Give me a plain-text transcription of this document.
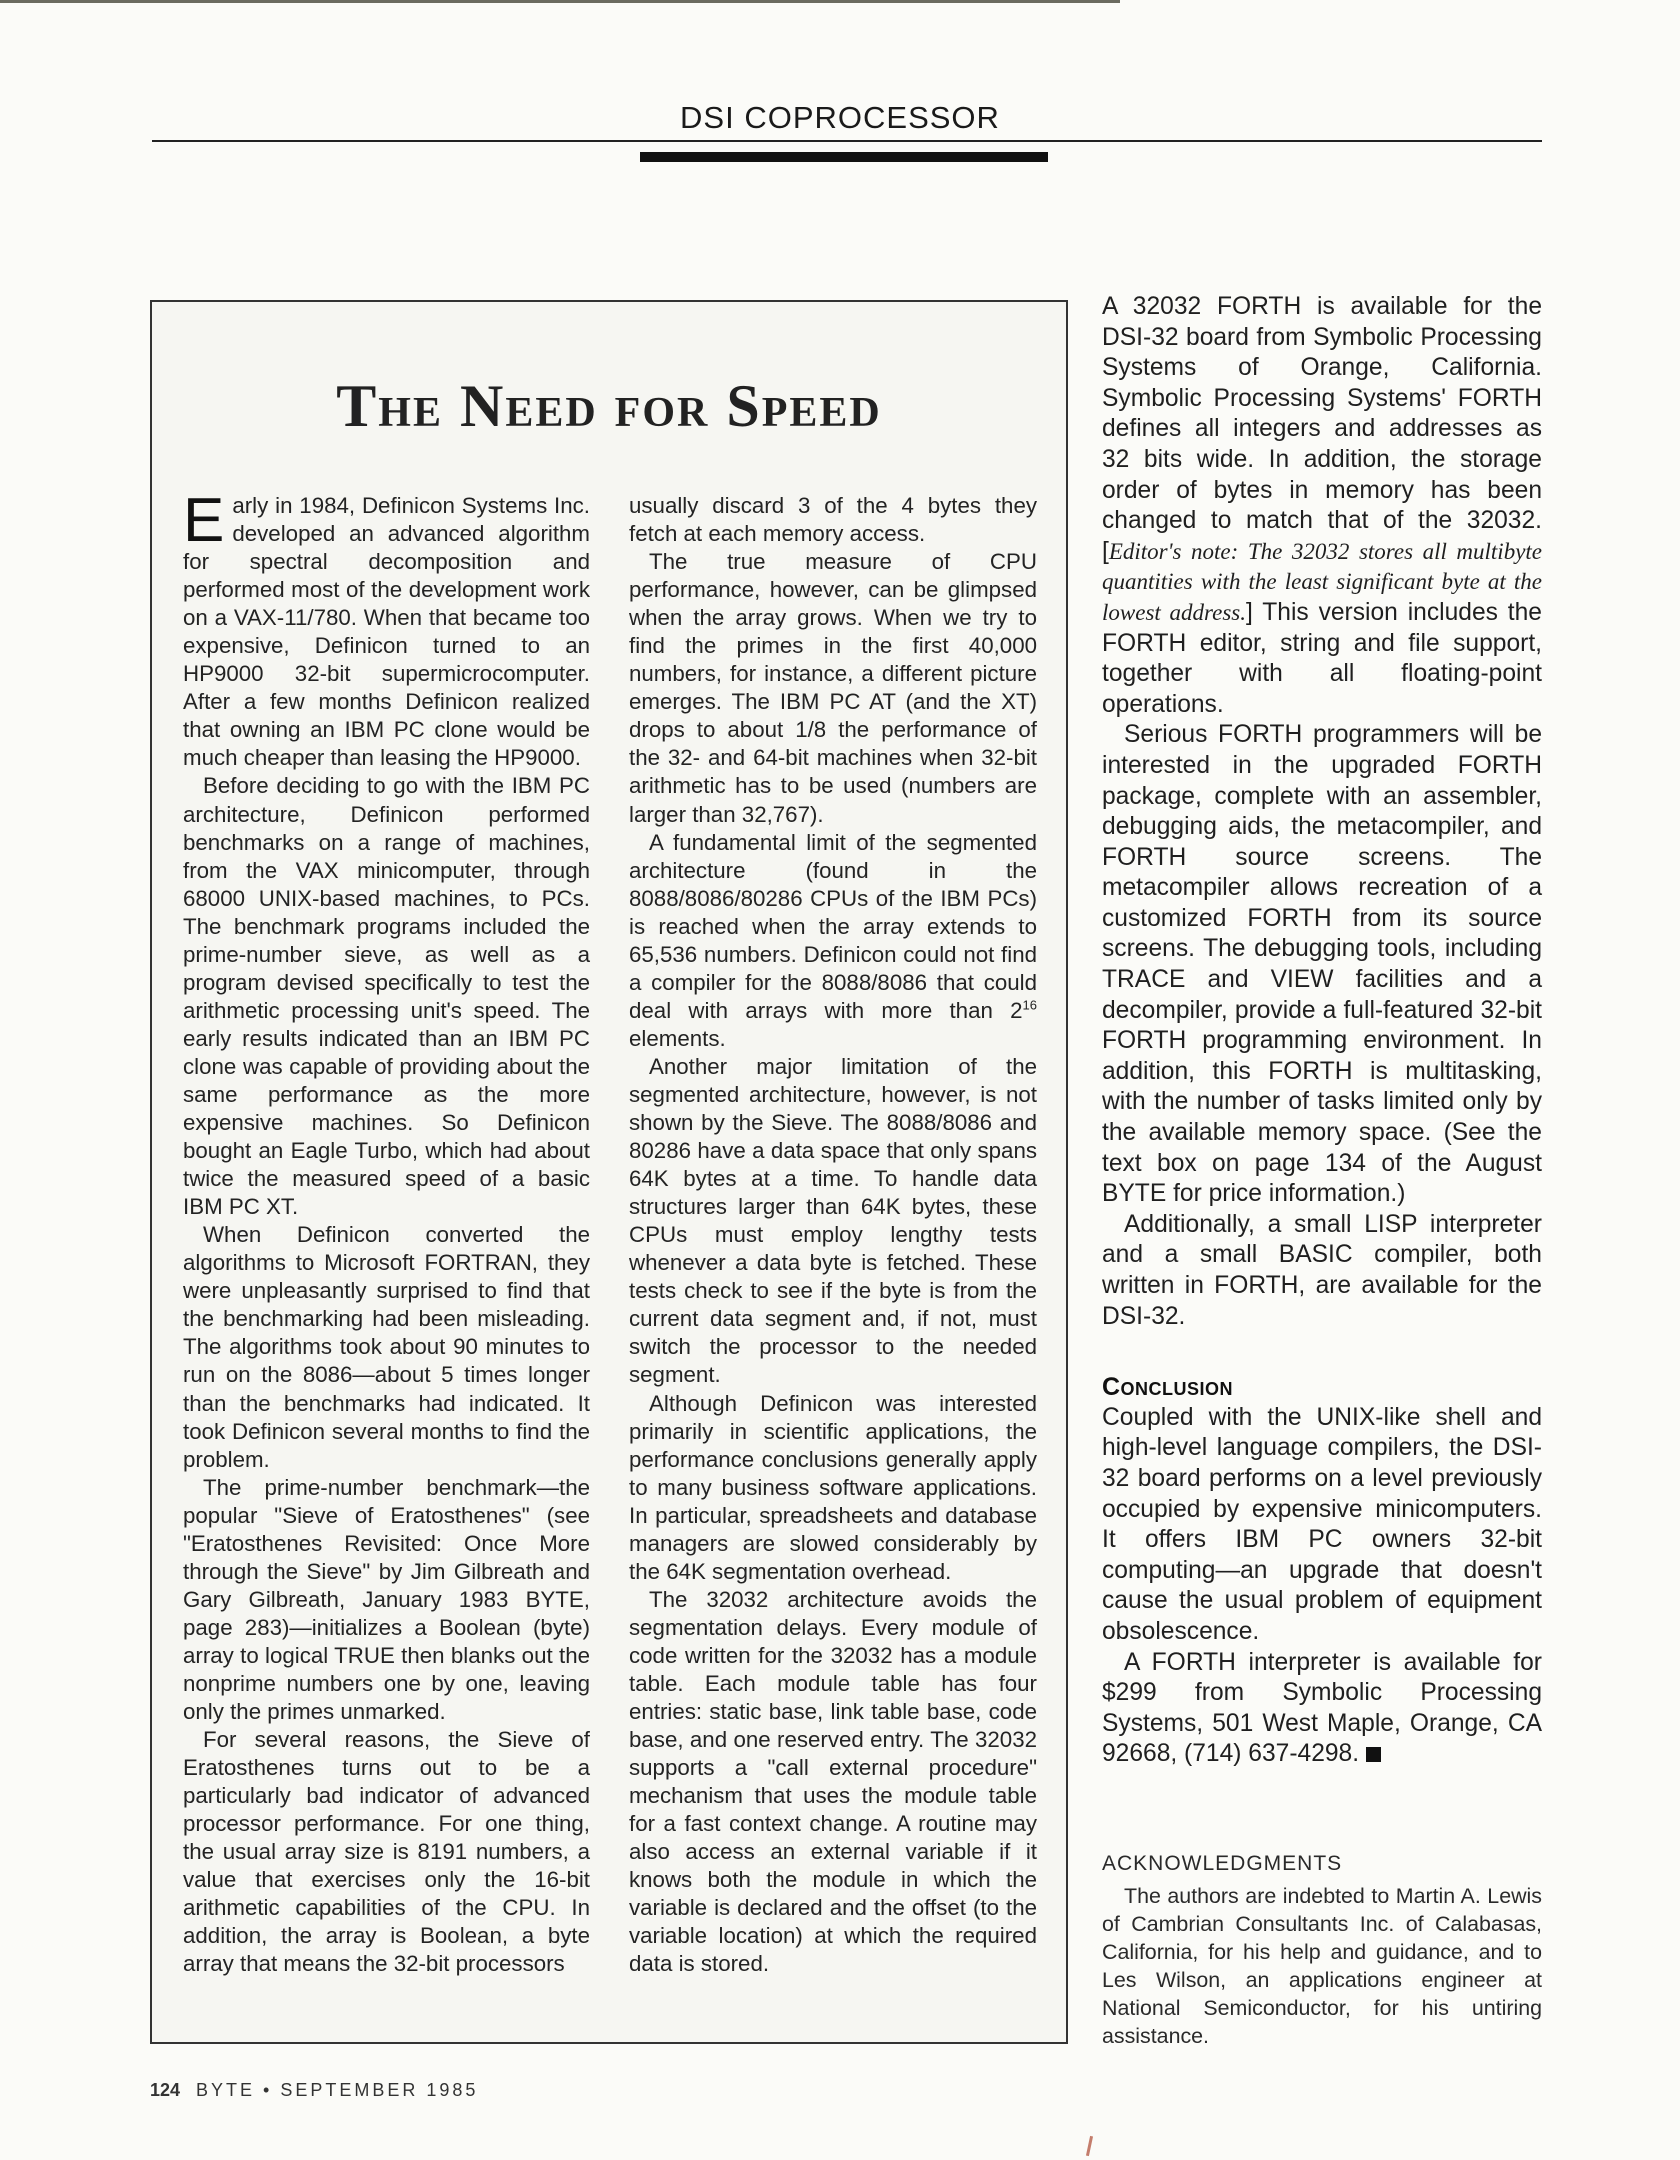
DSI COPROCESSOR
The Need for Speed

Early in 1984, Definicon Systems Inc. developed an advanced algorithm for spectral decomposition and performed most of the development work on a VAX-11/780. When that became too expensive, Definicon turned to an HP9000 32-bit supermicrocomputer. After a few months Definicon realized that owning an IBM PC clone would be much cheaper than leasing the HP9000.

Before deciding to go with the IBM PC architecture, Definicon performed benchmarks on a range of machines, from the VAX minicomputer, through 68000 UNIX-based machines, to PCs. The benchmark programs included the prime-number sieve, as well as a program devised specifically to test the arithmetic processing unit's speed. The early results indicated than an IBM PC clone was capable of providing about the same performance as the more expensive machines. So Definicon bought an Eagle Turbo, which had about twice the measured speed of a basic IBM PC XT.

When Definicon converted the algorithms to Microsoft FORTRAN, they were unpleasantly surprised to find that the benchmarking had been misleading. The algorithms took about 90 minutes to run on the 8086—about 5 times longer than the benchmarks had indicated. It took Definicon several months to find the problem.

The prime-number benchmark—the popular "Sieve of Eratosthenes" (see "Eratosthenes Revisited: Once More through the Sieve" by Jim Gilbreath and Gary Gilbreath, January 1983 BYTE, page 283)—initializes a Boolean (byte) array to logical TRUE then blanks out the nonprime numbers one by one, leaving only the primes unmarked.

For several reasons, the Sieve of Eratosthenes turns out to be a particularly bad indicator of advanced processor performance. For one thing, the usual array size is 8191 numbers, a value that exercises only the 16-bit arithmetic capabilities of the CPU. In addition, the array is Boolean, a byte array that means the 32-bit processors

usually discard 3 of the 4 bytes they fetch at each memory access.

The true measure of CPU performance, however, can be glimpsed when the array grows. When we try to find the primes in the first 40,000 numbers, for instance, a different picture emerges. The IBM PC AT (and the XT) drops to about 1/8 the performance of the 32- and 64-bit machines when 32-bit arithmetic has to be used (numbers are larger than 32,767).

A fundamental limit of the segmented architecture (found in the 8088/8086/80286 CPUs of the IBM PCs) is reached when the array extends to 65,536 numbers. Definicon could not find a compiler for the 8088/8086 that could deal with arrays with more than $2^{16}$ elements.

Another major limitation of the segmented architecture, however, is not shown by the Sieve. The 8088/8086 and 80286 have a data space that only spans 64K bytes at a time. To handle data structures larger than 64K bytes, these CPUs must employ lengthy tests whenever a data byte is fetched. These tests check to see if the byte is from the current data segment and, if not, must switch the processor to the needed segment.

Although Definicon was interested primarily in scientific applications, the performance conclusions generally apply to many business software applications. In particular, spreadsheets and database managers are slowed considerably by the 64K segmentation overhead.

The 32032 architecture avoids the segmentation delays. Every module of code written for the 32032 has a module table. Each module table has four entries: static base, link table base, code base, and one reserved entry. The 32032 supports a "call external procedure" mechanism that uses the module table for a fast context change. A routine may also access an external variable if it knows both the module in which the variable is declared and the offset (to the variable location) at which the required data is stored.

A 32032 FORTH is available for the DSI-32 board from Symbolic Processing Systems of Orange, California. Symbolic Processing Systems' FORTH defines all integers and addresses as 32 bits wide. In addition, the storage order of bytes in memory has been changed to match that of the 32032. [Editor's note: The 32032 stores all multibyte quantities with the least significant byte at the lowest address.] This version includes the FORTH editor, string and file support, together with all floating-point operations.

Serious FORTH programmers will be interested in the upgraded FORTH package, complete with an assembler, debugging aids, the metacompiler, and FORTH source screens. The metacompiler allows recreation of a customized FORTH from its source screens. The debugging tools, including TRACE and VIEW facilities and a decompiler, provide a full-featured 32-bit FORTH programming environment. In addition, this FORTH is multitasking, with the number of tasks limited only by the available memory space. (See the text box on page 134 of the August BYTE for price information.)

Additionally, a small LISP interpreter and a small BASIC compiler, both written in FORTH, are available for the DSI-32.

Conclusion

Coupled with the UNIX-like shell and high-level language compilers, the DSI-32 board performs on a level previously occupied by expensive minicomputers. It offers IBM PC owners 32-bit computing—an upgrade that doesn't cause the usual problem of equipment obsolescence.

A FORTH interpreter is available for $299 from Symbolic Processing Systems, 501 West Maple, Orange, CA 92668, (714) 637-4298.

ACKNOWLEDGMENTS

The authors are indebted to Martin A. Lewis of Cambrian Consultants Inc. of Calabasas, California, for his help and guidance, and to Les Wilson, an applications engineer at National Semiconductor, for his untiring assistance.

124 BYTE • SEPTEMBER 1985
